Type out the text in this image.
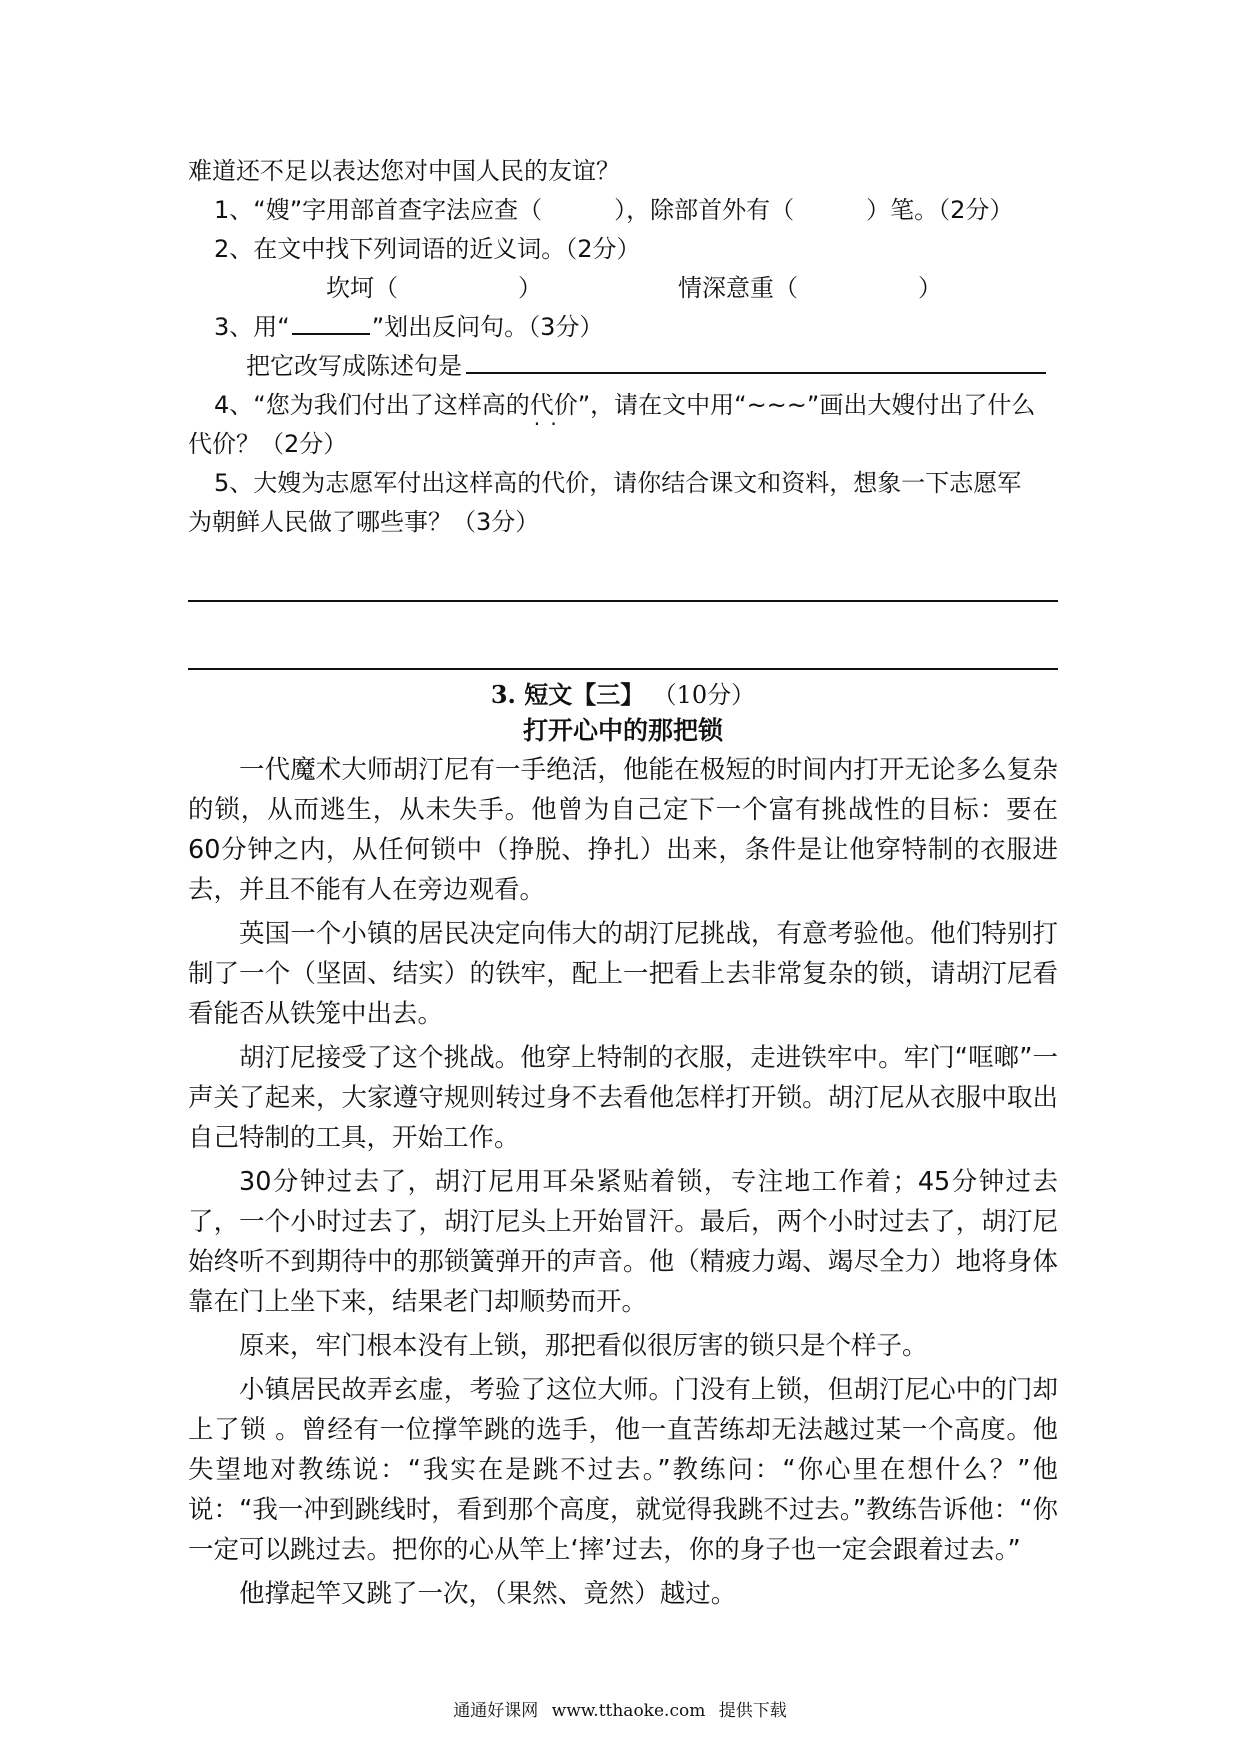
难道还不足以表达您对中国人民的友谊？
1、“嫂”字用部首查字法应查（　　　），除部首外有（　　　）笔。（2分）
2、在文中找下列词语的近义词。（2分）
坎坷（　　　　　）	情深意重（　　　　　）
3、用“	”划出反问句。（3分）
把它改写成陈述句是
4、“您为我们付出了这样高的代价 · ·”，请在文中用“~~~”画出大嫂付出了什么
代价？（2分）
5、大嫂为志愿军付出这样高的代价，请你结合课文和资料，想象一下志愿军
为朝鲜人民做了哪些事？（3分）
3. 短文【三】 （10分）
打开心中的那把锁

一代魔术大师胡汀尼有一手绝活，他能在极短的时间内打开无论多么复杂的锁，从而逃生，从未失手。他曾为自己定下一个富有挑战性的目标：要在60分钟之内，从任何锁中（挣脱、挣扎）出来，条件是让他穿特制的衣服进去，并且不能有人在旁边观看。

英国一个小镇的居民决定向伟大的胡汀尼挑战，有意考验他。他们特别打制了一个（坚固、结实）的铁牢，配上一把看上去非常复杂的锁，请胡汀尼看看能否从铁笼中出去。

胡汀尼接受了这个挑战。他穿上特制的衣服，走进铁牢中。牢门“哐啷”一声关了起来，大家遵守规则转过身不去看他怎样打开锁。胡汀尼从衣服中取出自己特制的工具，开始工作。

30分钟过去了，胡汀尼用耳朵紧贴着锁，专注地工作着；45分钟过去了，一个小时过去了，胡汀尼头上开始冒汗。最后，两个小时过去了，胡汀尼始终听不到期待中的那锁簧弹开的声音。他（精疲力竭、竭尽全力）地将身体靠在门上坐下来，结果老门却顺势而开。

原来，牢门根本没有上锁，那把看似很厉害的锁只是个样子。

小镇居民故弄玄虚，考验了这位大师。门没有上锁，但胡汀尼心中的门却上了锁 。曾经有一位撑竿跳的选手，他一直苦练却无法越过某一个高度。他失望地对教练说：“我实在是跳不过去。”教练问：“你心里在想什么？”他说：“我一冲到跳线时，看到那个高度，就觉得我跳不过去。”教练告诉他：“你一定可以跳过去。把你的心从竿上‘摔’过去，你的身子也一定会跟着过去。”

他撑起竿又跳了一次，（果然、竟然）越过。

通通好课网 www.tthaoke.com 提供下载
